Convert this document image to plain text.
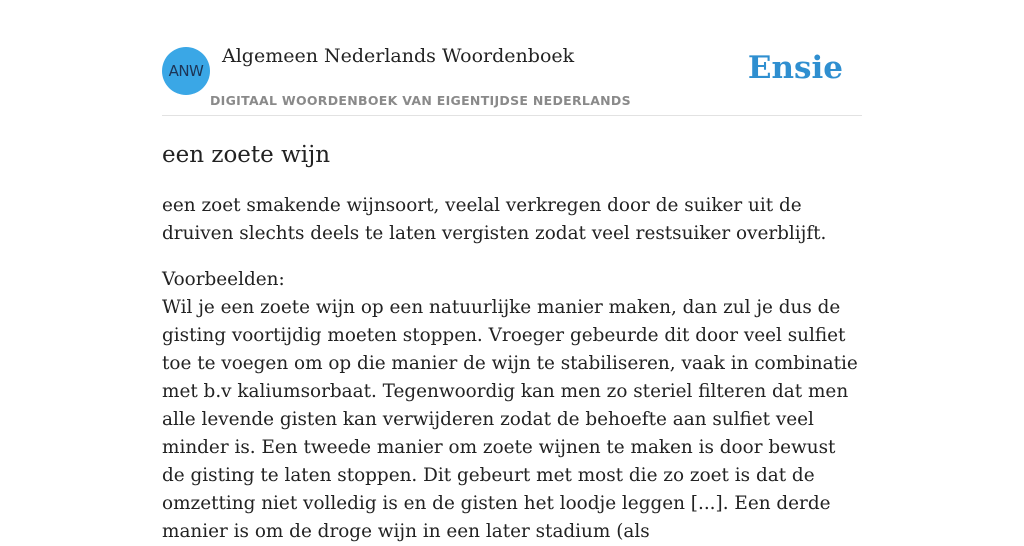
ANW
Algemeen Nederlands Woordenboek
DIGITAAL WOORDENBOEK VAN EIGENTIJDSE NEDERLANDS
Ensie
een zoete wijn

een zoet smakende wijnsoort, veelal verkregen door de suiker uit de druiven slechts deels te laten vergisten zodat veel restsuiker overblijft.

Voorbeelden:

Wil je een zoete wijn op een natuurlijke manier maken, dan zul je dus de gisting voortijdig moeten stoppen. Vroeger gebeurde dit door veel sulfiet toe te voegen om op die manier de wijn te stabiliseren, vaak in combinatie met b.v kaliumsorbaat. Tegenwoordig kan men zo steriel filteren dat men alle levende gisten kan verwijderen zodat de behoefte aan sulfiet veel minder is. Een tweede manier om zoete wijnen te maken is door bewust de gisting te laten stoppen. Dit gebeurt met most die zo zoet is dat de omzetting niet volledig is en de gisten het loodje leggen [...]. Een derde manier is om de droge wijn in een later stadium (als
